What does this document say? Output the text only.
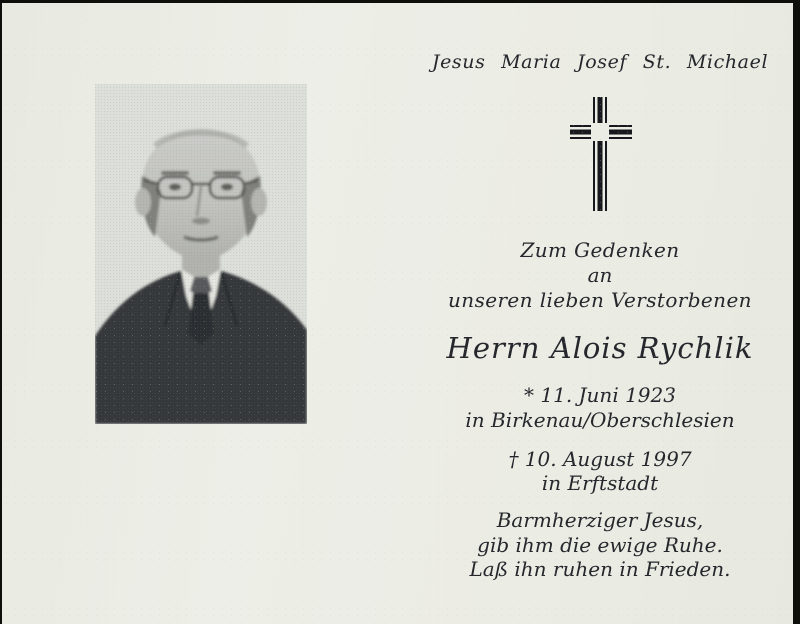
Jesus Maria Josef St. Michael
Zum Gedenken
an
unseren lieben Verstorbenen
Herrn Alois Rychlik
* 11. Juni 1923
in Birkenau/Oberschlesien
† 10. August 1997
in Erftstadt
Barmherziger Jesus,
gib ihm die ewige Ruhe.
Laß ihn ruhen in Frieden.
